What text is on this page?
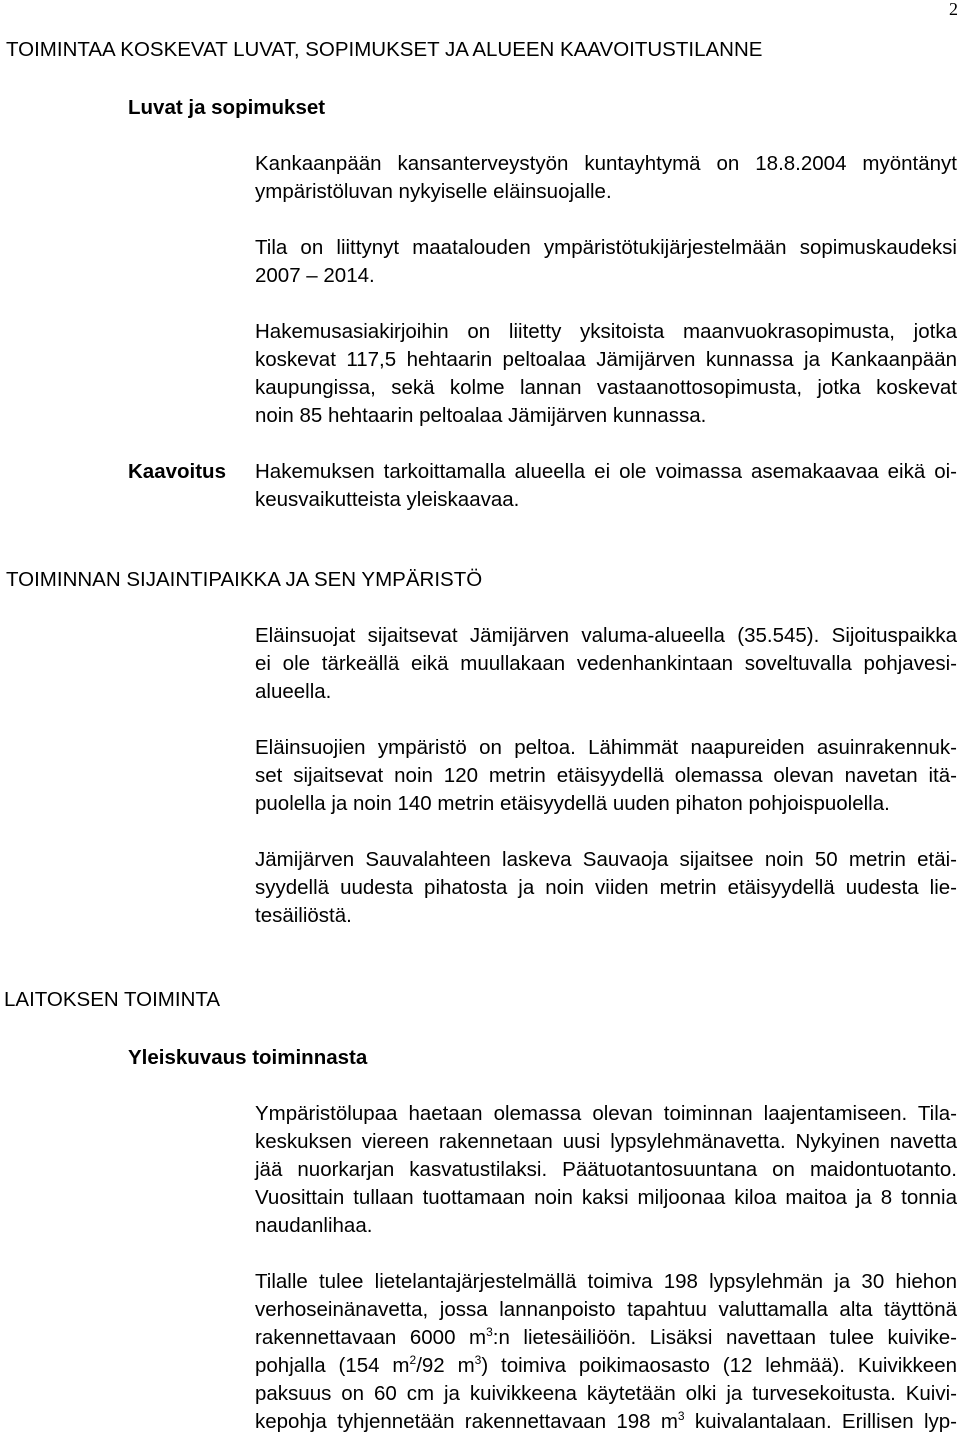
2
TOIMINTAA KOSKEVAT LUVAT, SOPIMUKSET JA ALUEEN KAAVOITUSTILANNE
Luvat ja sopimukset
Kankaanpään kansanterveystyön kuntayhtymä on 18.8.2004 myöntänyt
ympäristöluvan nykyiselle eläinsuojalle.
Tila on liittynyt maatalouden ympäristötukijärjestelmään sopimuskaudeksi
2007 – 2014.
Hakemusasiakirjoihin on liitetty yksitoista maanvuokrasopimusta, jotka
koskevat 117,5 hehtaarin peltoalaa Jämijärven kunnassa ja Kankaanpään
kaupungissa, sekä kolme lannan vastaanottosopimusta, jotka koskevat
noin 85 hehtaarin peltoalaa Jämijärven kunnassa.
Kaavoitus Hakemuksen tarkoittamalla alueella ei ole voimassa asemakaavaa eikä oi-
keusvaikutteista yleiskaavaa.
TOIMINNAN SIJAINTIPAIKKA JA SEN YMPÄRISTÖ
Eläinsuojat sijaitsevat Jämijärven valuma-alueella (35.545). Sijoituspaikka
ei ole tärkeällä eikä muullakaan vedenhankintaan soveltuvalla pohjavesi-
alueella.
Eläinsuojien ympäristö on peltoa. Lähimmät naapureiden asuinrakennuk-
set sijaitsevat noin 120 metrin etäisyydellä olemassa olevan navetan itä-
puolella ja noin 140 metrin etäisyydellä uuden pihaton pohjoispuolella.
Jämijärven Sauvalahteen laskeva Sauvaoja sijaitsee noin 50 metrin etäi-
syydellä uudesta pihatosta ja noin viiden metrin etäisyydellä uudesta lie-
tesäiliöstä.
LAITOKSEN TOIMINTA
Yleiskuvaus toiminnasta
Ympäristölupaa haetaan olemassa olevan toiminnan laajentamiseen. Tila-
keskuksen viereen rakennetaan uusi lypsylehmänavetta. Nykyinen navetta
jää nuorkarjan kasvatustilaksi. Päätuotantosuuntana on maidontuotanto.
Vuosittain tullaan tuottamaan noin kaksi miljoonaa kiloa maitoa ja 8 tonnia
naudanlihaa.
Tilalle tulee lietelantajärjestelmällä toimiva 198 lypsylehmän ja 30 hiehon
verhoseinänavetta, jossa lannanpoisto tapahtuu valuttamalla alta täyttönä
rakennettavaan 6000 $m^3:n$ lietesäiliöön. Lisäksi navettaan tulee kuivike-
pohjalla (154 $m^2/92$ $m^3$) toimiva poikimaosasto (12 lehmää). Kuivikkeen
paksuus on 60 cm ja kuivikkeena käytetään olki ja turvesekoitusta. Kuivi-
kepohja tyhjennetään rakennettavaan 198 $m^3$ kuivalantalaan. Erillisen lyp-
